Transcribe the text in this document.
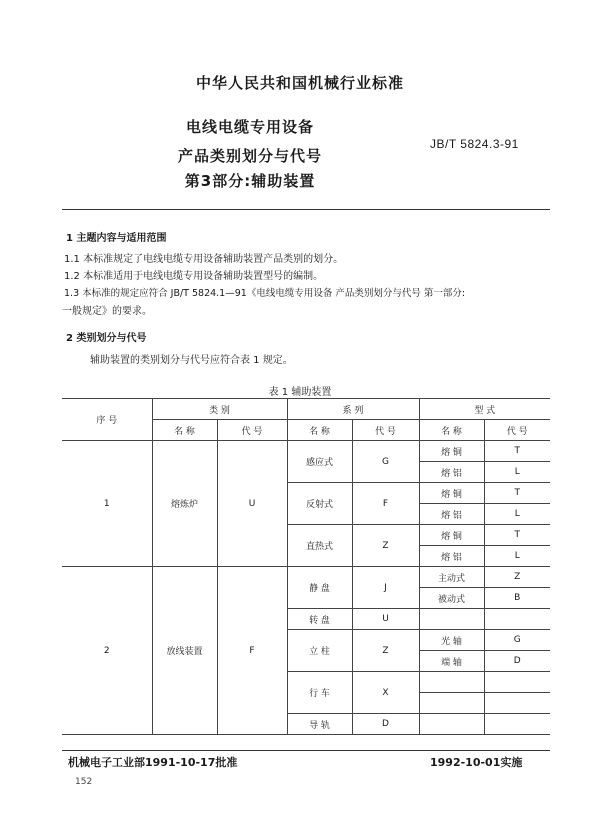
中华人民共和国机械行业标准
电线电缆专用设备
产品类别划分与代号
第3部分:辅助装置
JB/T 5824.3-91
1 主题内容与适用范围
1.1 本标准规定了电线电缆专用设备辅助装置产品类别的划分。
1.2 本标准适用于电线电缆专用设备辅助装置型号的编制。
1.3 本标准的规定应符合 JB/T 5824.1—91《电线电缆专用设备 产品类别划分与代号 第一部分:
一般规定》的要求。
2 类别划分与代号
辅助装置的类别划分与代号应符合表 1 规定。
表 1 辅助装置
序 号	类 别		系 列		型 式	
	名 称	代 号	名 称	代 号	名 称	代 号
1	熔炼炉	U	感应式	G	熔 铜	T
					熔 铝	L
			反射式	F	熔 铜	T
					熔 铝	L
			直热式	Z	熔 铜	T
					熔 铝	L
2	放线装置	F	静 盘	J	主动式	Z
					被动式	B
			转 盘	U		
			立 柱	Z	光 轴	G
					端 轴	D
			行 车	X		

			导 轨	D		
机械电子工业部1991-10-17批准	1992-10-01实施
152
